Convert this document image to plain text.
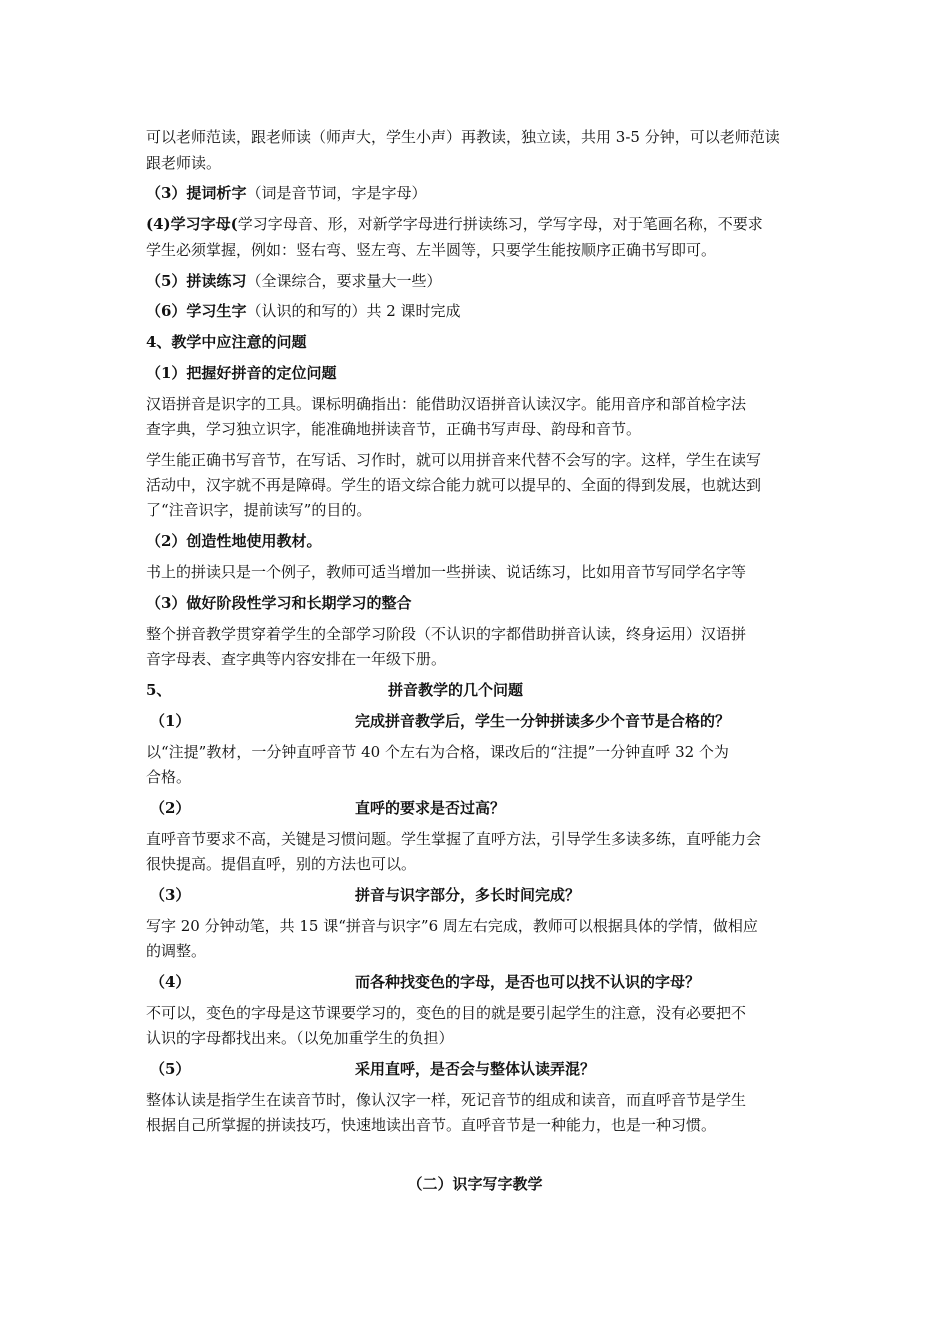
可以老师范读，跟老师读（师声大，学生小声）再教读，独立读，共用 3-5 分钟，可以老师范读
跟老师读。
（3）提词析字（词是音节词，字是字母）
(4)学习字母(学习字母音、形，对新学字母进行拼读练习，学写字母，对于笔画名称，不要求
学生必须掌握，例如：竖右弯、竖左弯、左半圆等，只要学生能按顺序正确书写即可。
（5）拼读练习（全课综合，要求量大一些）
（6）学习生字（认识的和写的）共 2 课时完成
4、教学中应注意的问题
（1）把握好拼音的定位问题
汉语拼音是识字的工具。课标明确指出：能借助汉语拼音认读汉字。能用音序和部首检字法
查字典，学习独立识字，能准确地拼读音节，正确书写声母、韵母和音节。
学生能正确书写音节，在写话、习作时，就可以用拼音来代替不会写的字。这样，学生在读写
活动中，汉字就不再是障碍。学生的语文综合能力就可以提早的、全面的得到发展，也就达到
了“注音识字，提前读写”的目的。
（2）创造性地使用教材。
书上的拼读只是一个例子，教师可适当增加一些拼读、说话练习，比如用音节写同学名字等
（3）做好阶段性学习和长期学习的整合
整个拼音教学贯穿着学生的全部学习阶段（不认识的字都借助拼音认读，终身运用）汉语拼
音字母表、查字典等内容安排在一年级下册。
5、	拼音教学的几个问题
（1）	完成拼音教学后，学生一分钟拼读多少个音节是合格的？
以“注提”教材，一分钟直呼音节 40 个左右为合格，课改后的“注提”一分钟直呼 32 个为
合格。
（2）	直呼的要求是否过高？
直呼音节要求不高，关键是习惯问题。学生掌握了直呼方法，引导学生多读多练，直呼能力会
很快提高。提倡直呼，别的方法也可以。
（3）	拼音与识字部分，多长时间完成？
写字 20 分钟动笔，共 15 课“拼音与识字”6 周左右完成，教师可以根据具体的学情，做相应
的调整。
（4）	而各种找变色的字母，是否也可以找不认识的字母？
不可以，变色的字母是这节课要学习的，变色的目的就是要引起学生的注意，没有必要把不
认识的字母都找出来。（以免加重学生的负担）
（5）	采用直呼，是否会与整体认读弄混？
整体认读是指学生在读音节时，像认汉字一样，死记音节的组成和读音，而直呼音节是学生
根据自己所掌握的拼读技巧，快速地读出音节。直呼音节是一种能力，也是一种习惯。
（二）识字写字教学
